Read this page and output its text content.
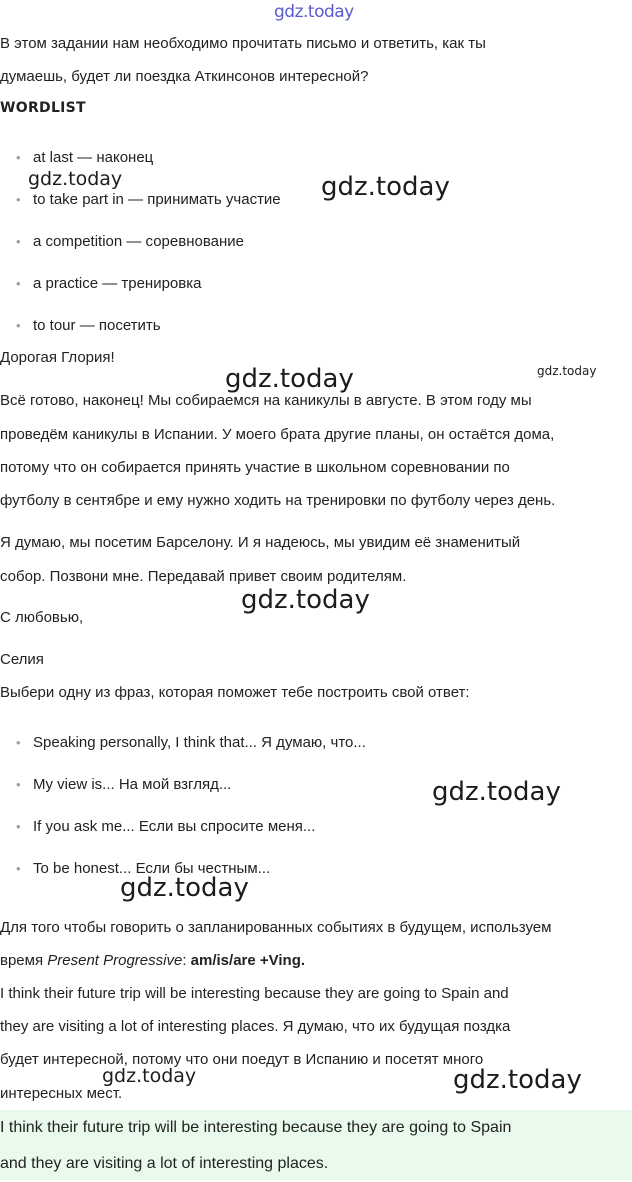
gdz.today
gdz.today	gdz.today
gdz.today	gdz.today
gdz.today
gdz.today
gdz.today
gdz.today	gdz.today

В этом задании нам необходимо прочитать письмо и ответить, как ты

думаешь, будет ли поездка Аткинсонов интересной?

WORDLIST

• at last — наконец
• to take part in — принимать участие
• a competition — соревнование
• a practice — тренировка
• to tour — посетить

Дорогая Глория!

Всё готово, наконец! Мы собираемся на каникулы в августе. В этом году мы

проведём каникулы в Испании. У моего брата другие планы, он остаётся дома,

потому что он собирается принять участие в школьном соревновании по

футболу в сентябре и ему нужно ходить на тренировки по футболу через день.

Я думаю, мы посетим Барселону. И я надеюсь, мы увидим её знаменитый

собор. Позвони мне. Передавай привет своим родителям.

С любовью,

Селия

Выбери одну из фраз, которая поможет тебе построить свой ответ:

• Speaking personally, I think that... Я думаю, что...
• My view is... На мой взгляд...
• If you ask me... Если вы спросите меня...
• To be honest... Если бы честным...

Для того чтобы говорить о запланированных событиях в будущем, используем

время Present Progressive: am/is/are +Ving.

I think their future trip will be interesting because they are going to Spain and

they are visiting a lot of interesting places. Я думаю, что их будущая поздка

будет интересной, потому что они поедут в Испанию и посетят много

интересных мест.

I think their future trip will be interesting because they are going to Spain

and they are visiting a lot of interesting places.
